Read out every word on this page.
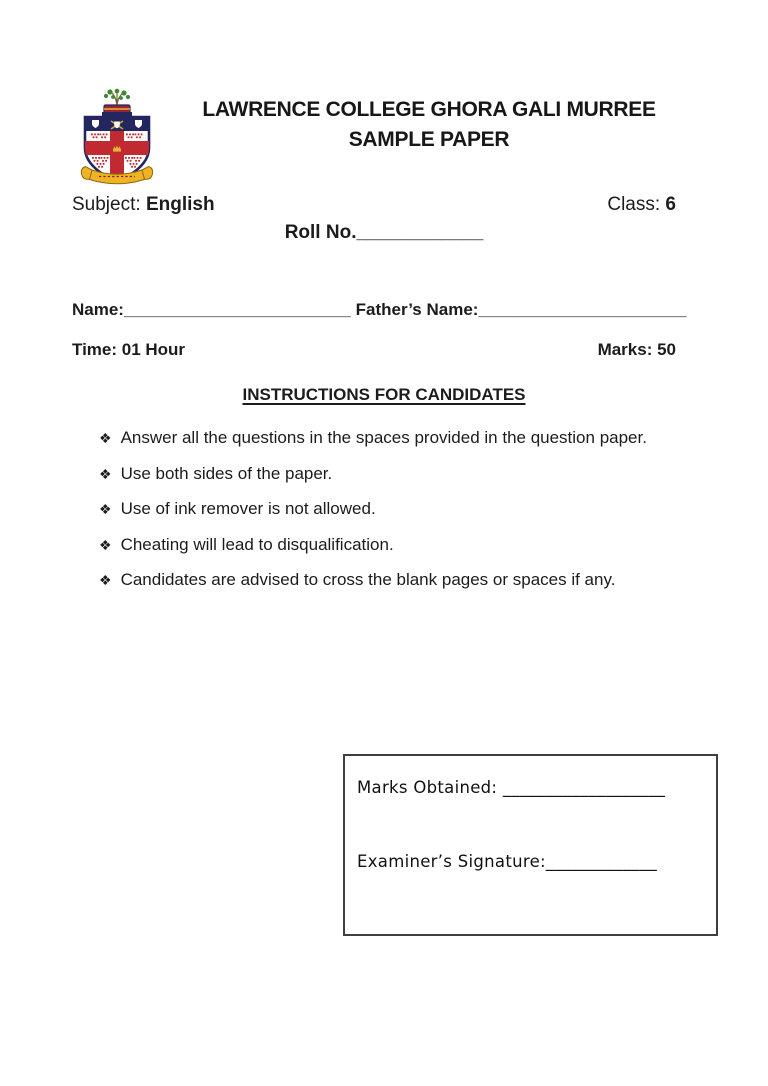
LAWRENCE COLLEGE GHORA GALI MURREE
SAMPLE PAPER
Subject: English	Class: 6
Roll No.____________
Name:________________________ Father’s Name:______________________
Time: 01 Hour	Marks: 50
INSTRUCTIONS FOR CANDIDATES
❖ Answer all the questions in the spaces provided in the question paper.
❖ Use both sides of the paper.
❖ Use of ink remover is not allowed.
❖ Cheating will lead to disqualification.
❖ Candidates are advised to cross the blank pages or spaces if any.
Marks Obtained: ___________________
Examiner’s Signature:_____________
